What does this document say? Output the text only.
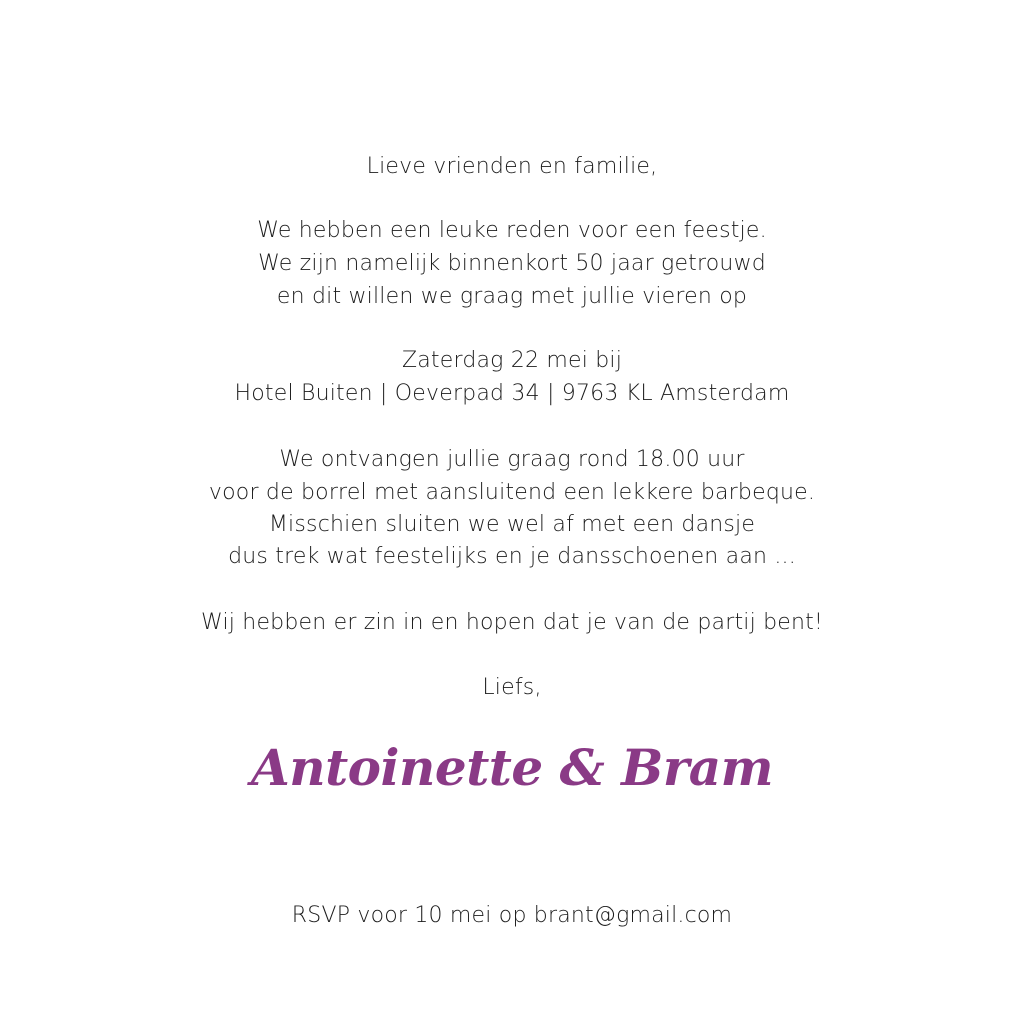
Lieve vrienden en familie,
We hebben een leuke reden voor een feestje.
We zijn namelijk binnenkort 50 jaar getrouwd
en dit willen we graag met jullie vieren op
Zaterdag 22 mei bij
Hotel Buiten | Oeverpad 34 | 9763 KL Amsterdam
We ontvangen jullie graag rond 18.00 uur
voor de borrel met aansluitend een lekkere barbeque.
Misschien sluiten we wel af met een dansje
dus trek wat feestelijks en je dansschoenen aan ...
Wij hebben er zin in en hopen dat je van de partij bent!
Liefs,
Antoinette & Bram
RSVP voor 10 mei op brant@gmail.com
